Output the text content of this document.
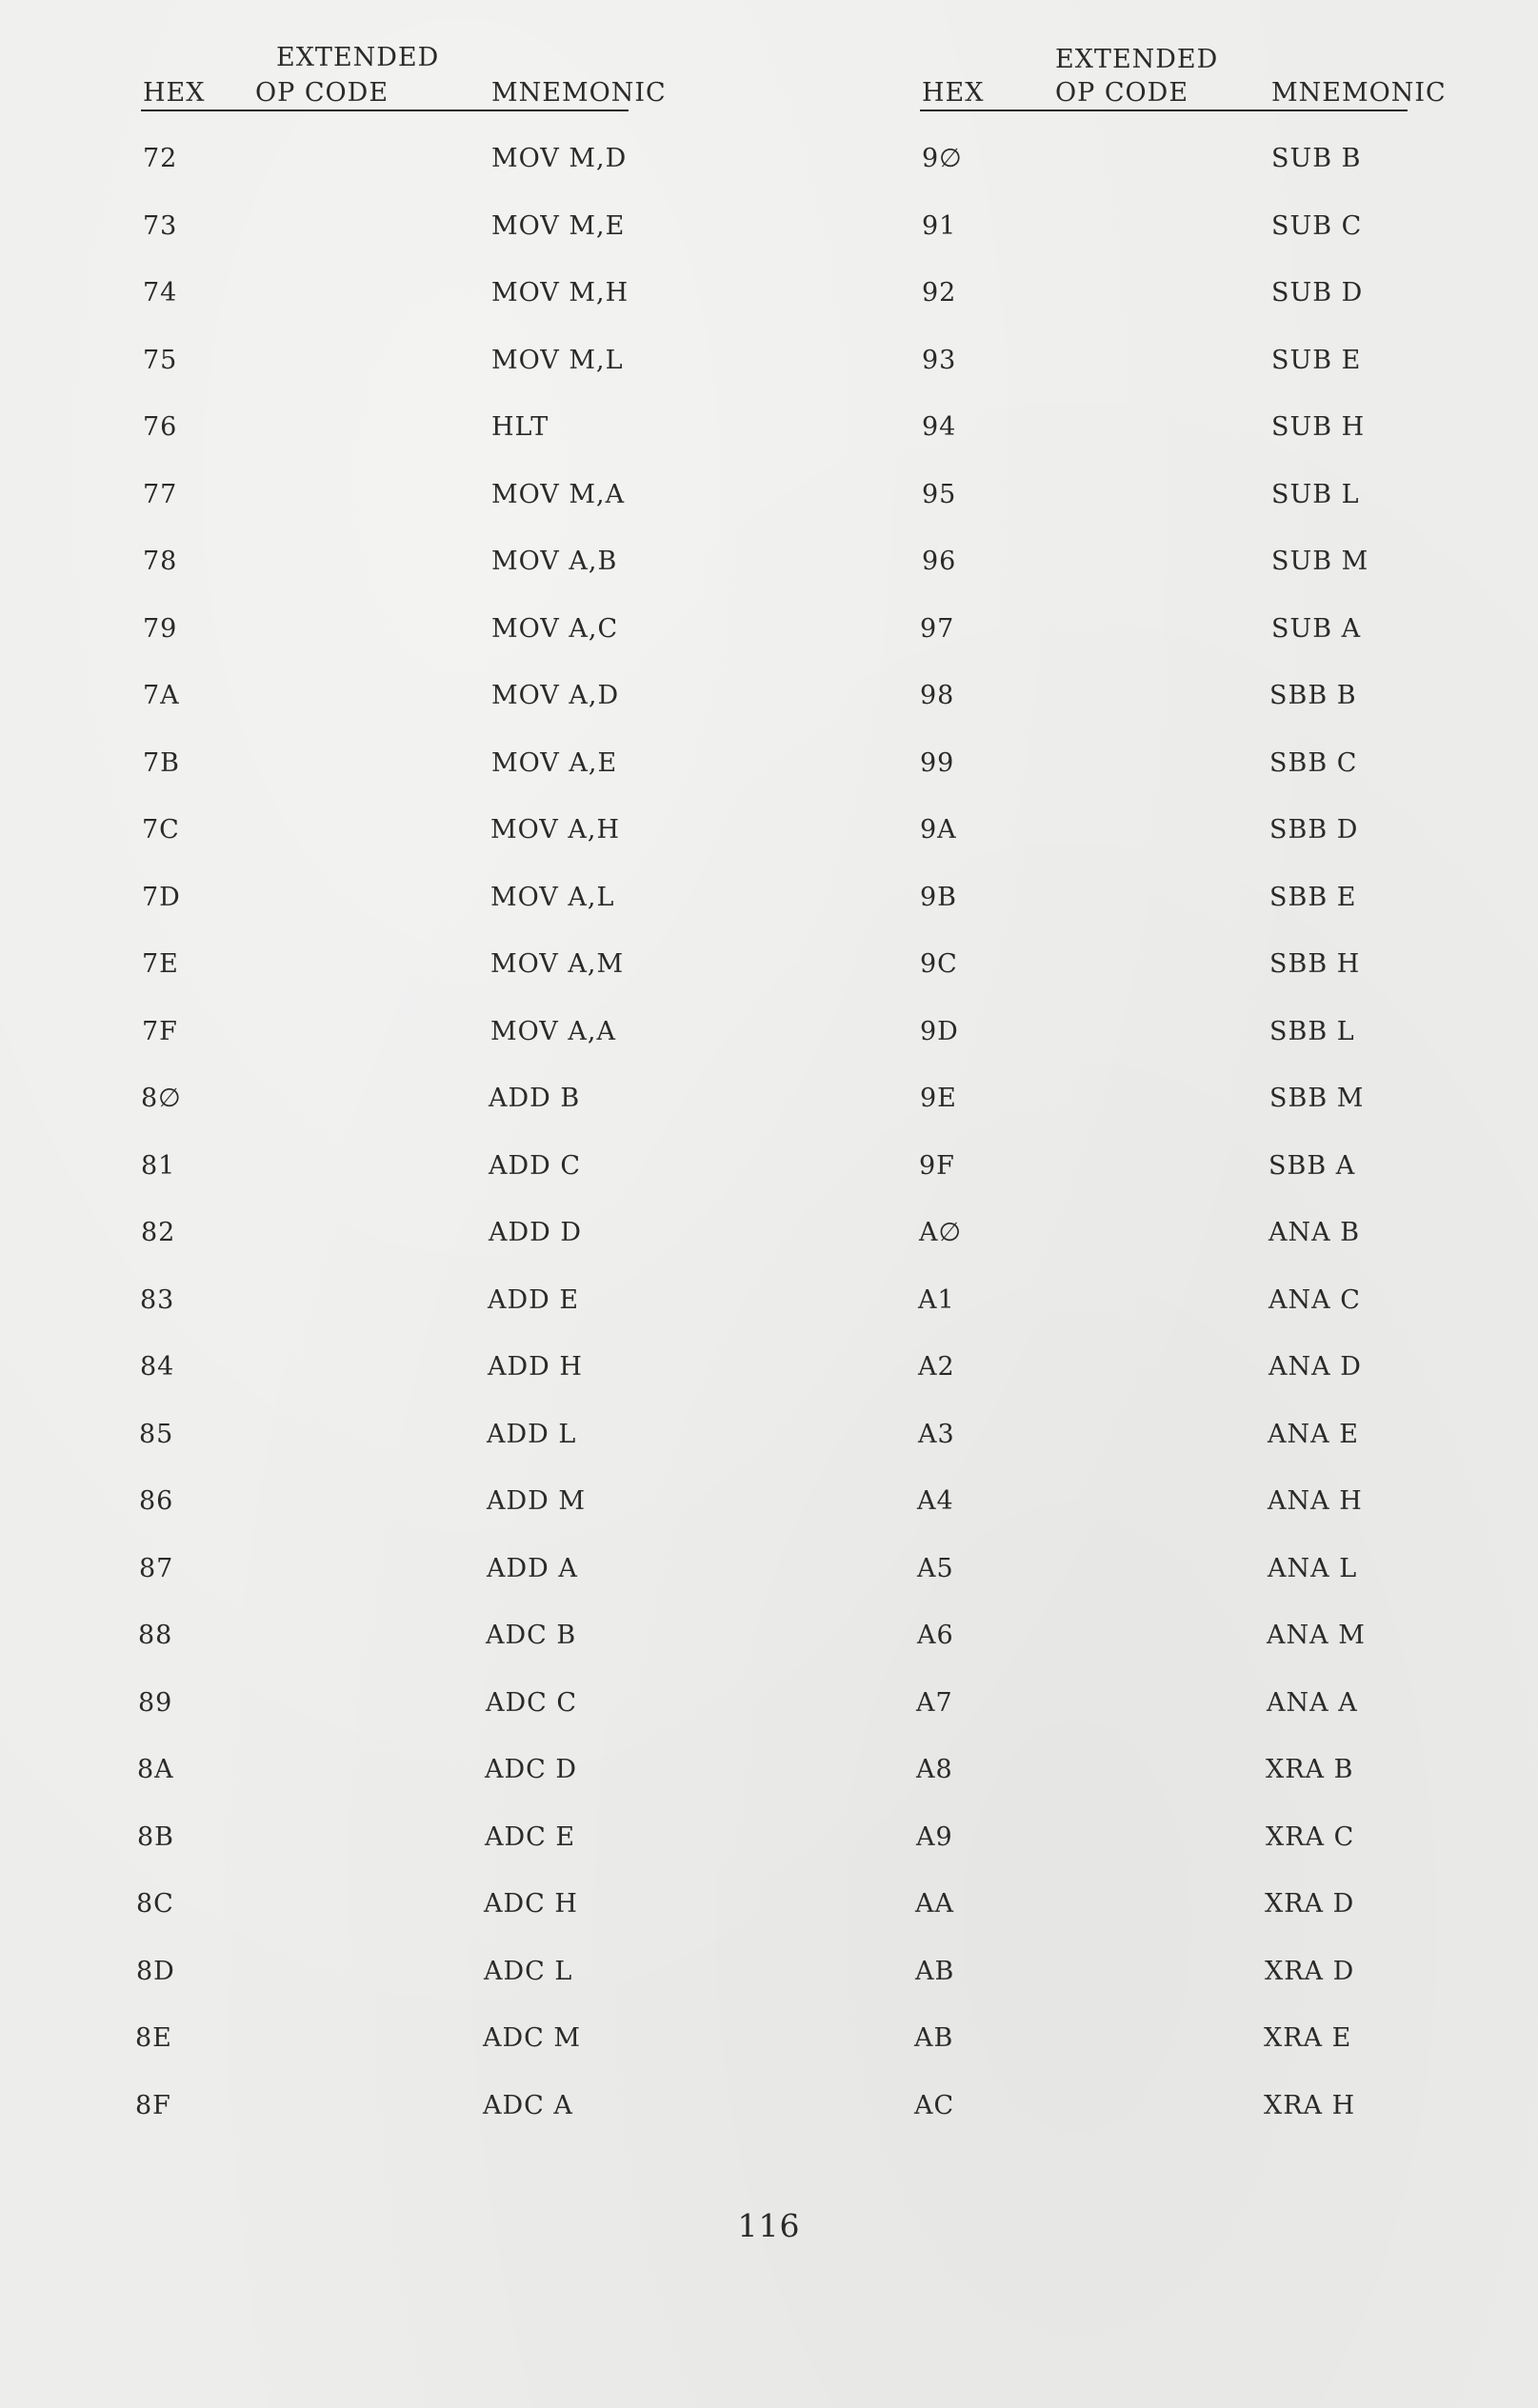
EXTENDED
HEX OP CODE	MNEMONIC
EXTENDED
HEX	OP CODE	MNEMONIC
72	MOV M,D
73	MOV M,E
74	MOV M,H
75	MOV M,L
76	HLT
77	MOV M,A
78	MOV A,B
79	MOV A,C
7A	MOV A,D
7B	MOV A,E
7C	MOV A,H
7D	MOV A,L
7E	MOV A,M
7F	MOV A,A
8∅	ADD B
81	ADD C
82	ADD D
83	ADD E
84	ADD H
85	ADD L
86	ADD M
87	ADD A
88	ADC B
89	ADC C
8A	ADC D
8B	ADC E
8C	ADC H
8D	ADC L
8E	ADC M
8F	ADC A
9∅	SUB B
91	SUB C
92	SUB D
93	SUB E
94	SUB H
95	SUB L
96	SUB M
97	SUB A
98	SBB B
99	SBB C
9A	SBB D
9B	SBB E
9C	SBB H
9D	SBB L
9E	SBB M
9F	SBB A
A∅	ANA B
A1	ANA C
A2	ANA D
A3	ANA E
A4	ANA H
A5	ANA L
A6	ANA M
A7	ANA A
A8	XRA B
A9	XRA C
AA	XRA D
AB	XRA D
AB	XRA E
AC	XRA H
116
